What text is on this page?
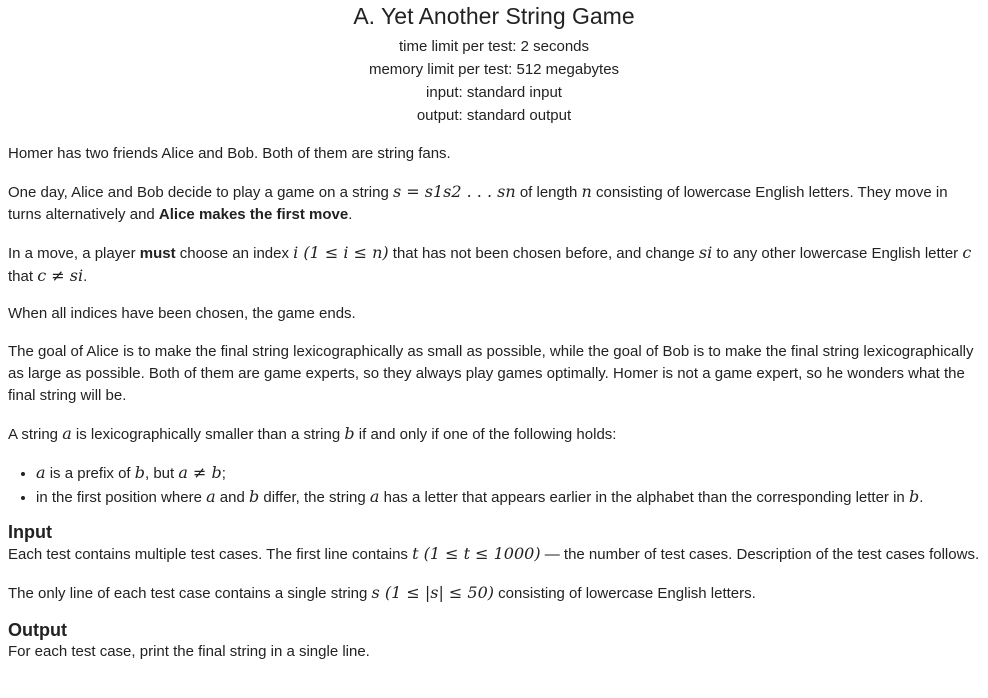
A. Yet Another String Game
time limit per test: 2 seconds
memory limit per test: 512 megabytes
input: standard input
output: standard output

Homer has two friends Alice and Bob. Both of them are string fans.

One day, Alice and Bob decide to play a game on a string s = s1s2 . . . sn of length n consisting of lowercase English letters. They move in turns alternatively and Alice makes the first move.

In a move, a player must choose an index i (1 ≤ i ≤ n) that has not been chosen before, and change si to any other lowercase English letter c that c ≠ si.

When all indices have been chosen, the game ends.

The goal of Alice is to make the final string lexicographically as small as possible, while the goal of Bob is to make the final string lexicographically as large as possible. Both of them are game experts, so they always play games optimally. Homer is not a game expert, so he wonders what the final string will be.

A string a is lexicographically smaller than a string b if and only if one of the following holds:

• a is a prefix of b, but a ≠ b;
• in the first position where a and b differ, the string a has a letter that appears earlier in the alphabet than the corresponding letter in b.
Input

Each test contains multiple test cases. The first line contains t (1 ≤ t ≤ 1000) — the number of test cases. Description of the test cases follows.

The only line of each test case contains a single string s (1 ≤ |s| ≤ 50) consisting of lowercase English letters.

Output

For each test case, print the final string in a single line.
